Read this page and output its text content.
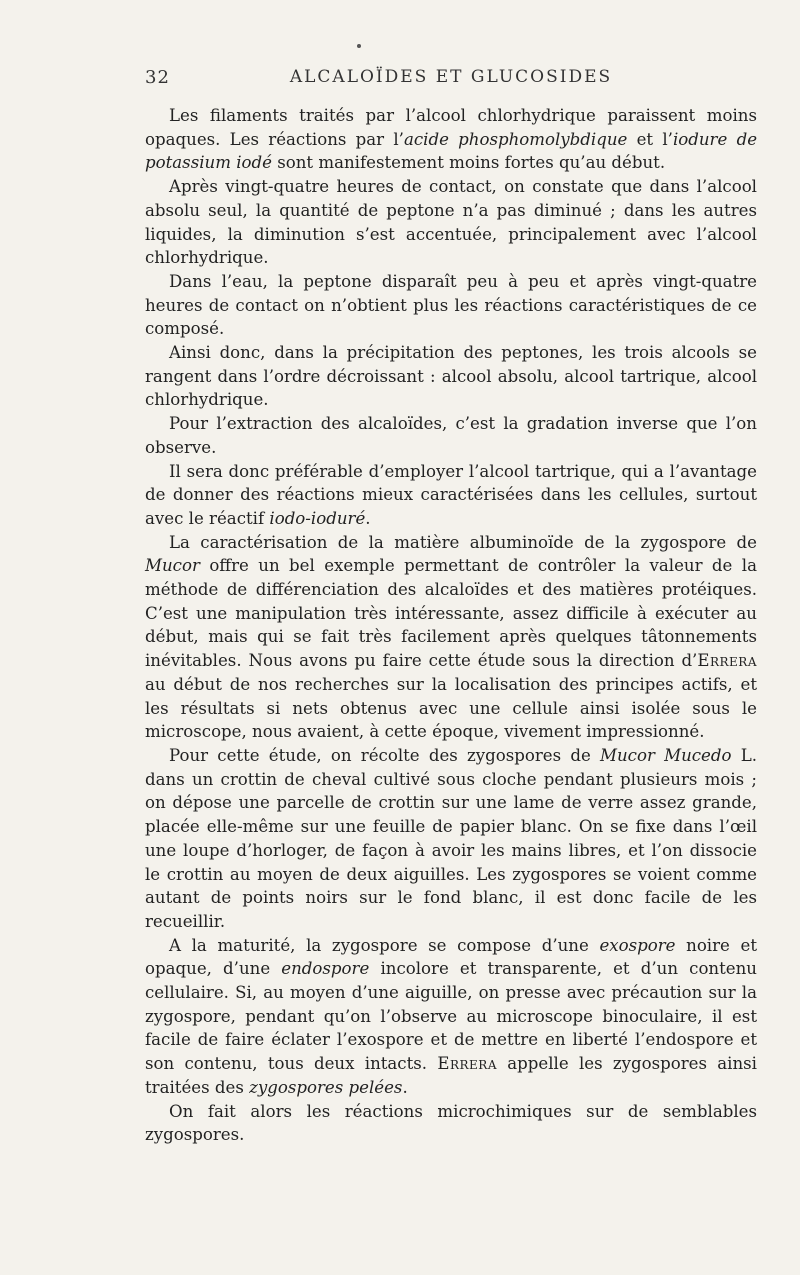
32	ALCALOÏDES ET GLUCOSIDES

Les filaments traités par l’alcool chlorhydrique paraissent moins opaques. Les réactions par l’acide phosphomolybdique et l’iodure de potassium iodé sont manifestement moins fortes qu’au début.

Après vingt-quatre heures de contact, on constate que dans l’alcool absolu seul, la quantité de peptone n’a pas diminué ; dans les autres liquides, la diminution s’est accentuée, principalement avec l’alcool chlorhydrique.

Dans l’eau, la peptone disparaît peu à peu et après vingt-quatre heures de contact on n’obtient plus les réactions caractéristiques de ce composé.

Ainsi donc, dans la précipitation des peptones, les trois alcools se rangent dans l’ordre décroissant : alcool absolu, alcool tartrique, alcool chlorhydrique.

Pour l’extraction des alcaloïdes, c’est la gradation inverse que l’on observe.

Il sera donc préférable d’employer l’alcool tartrique, qui a l’avantage de donner des réactions mieux caractérisées dans les cellules, surtout avec le réactif iodo-ioduré.

La caractérisation de la matière albuminoïde de la zygospore de Mucor offre un bel exemple permettant de contrôler la valeur de la méthode de différenciation des alcaloïdes et des matières protéiques. C’est une manipulation très intéressante, assez difficile à exécuter au début, mais qui se fait très facilement après quelques tâtonnements inévitables. Nous avons pu faire cette étude sous la direction d’Errera au début de nos recherches sur la localisation des principes actifs, et les résultats si nets obtenus avec une cellule ainsi isolée sous le microscope, nous avaient, à cette époque, vivement impressionné.

Pour cette étude, on récolte des zygospores de Mucor Mucedo L. dans un crottin de cheval cultivé sous cloche pendant plusieurs mois ; on dépose une parcelle de crottin sur une lame de verre assez grande, placée elle-même sur une feuille de papier blanc. On se fixe dans l’œil une loupe d’horloger, de façon à avoir les mains libres, et l’on dissocie le crottin au moyen de deux aiguilles. Les zygospores se voient comme autant de points noirs sur le fond blanc, il est donc facile de les recueillir.

A la maturité, la zygospore se compose d’une exospore noire et opaque, d’une endospore incolore et transparente, et d’un contenu cellulaire. Si, au moyen d’une aiguille, on presse avec précaution sur la zygospore, pendant qu’on l’observe au microscope binoculaire, il est facile de faire éclater l’exospore et de mettre en liberté l’endospore et son contenu, tous deux intacts. Errera appelle les zygospores ainsi traitées des zygospores pelées.

On fait alors les réactions microchimiques sur de semblables zygospores.
